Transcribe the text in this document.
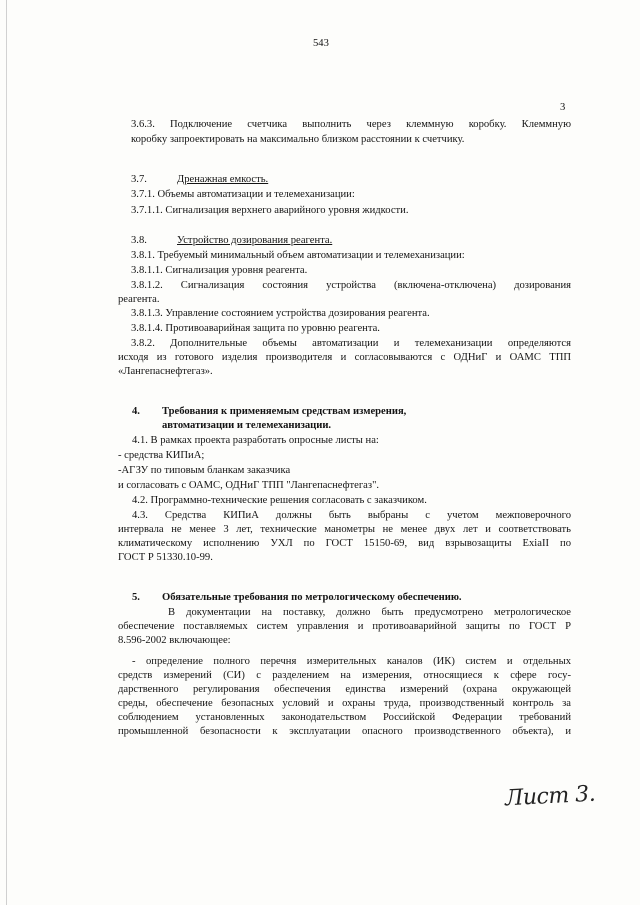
543
3
3.6.3. Подключение счетчика выполнить через клеммную коробку. Клеммную
коробку запроектировать на максимально близком расстоянии к счетчику.
3.7.	Дренажная емкость.
3.7.1. Объемы автоматизации и телемеханизации:
3.7.1.1. Сигнализация верхнего аварийного уровня жидкости.
3.8.	Устройство дозирования реагента.
3.8.1. Требуемый минимальный объем автоматизации и телемеханизации:
3.8.1.1. Сигнализация уровня реагента.
3.8.1.2. Сигнализация состояния устройства (включена-отключена) дозирования
реагента.
3.8.1.3. Управление состоянием устройства дозирования реагента.
3.8.1.4. Противоаварийная защита по уровню реагента.
3.8.2. Дополнительные объемы автоматизации и телемеханизации определяются
исходя из готового изделия производителя и согласовываются с ОДНиГ и ОАМС ТПП
«Лангепаснефтегаз».
4. Требования к применяемым средствам измерения,
автоматизации и телемеханизации.
4.1. В рамках проекта разработать опросные листы на:
- средства КИПиА;
-АГЗУ по типовым бланкам заказчика
и согласовать с ОАМС, ОДНиГ ТПП "Лангепаснефтегаз".
4.2. Программно-технические решения согласовать с заказчиком.
4.3. Средства КИПиА должны быть выбраны с учетом межповерочного
интервала не менее 3 лет, технические манометры не менее двух лет и соответствовать
климатическому исполнению УХЛ по ГОСТ 15150-69, вид взрывозащиты ExiaII по
ГОСТ Р 51330.10-99.
5. Обязательные требования по метрологическому обеспечению.
В документации на поставку, должно быть предусмотрено метрологическое
обеспечение поставляемых систем управления и противоаварийной защиты по ГОСТ Р
8.596-2002 включающее:
- определение полного перечня измерительных каналов (ИК) систем и отдельных
средств измерений (СИ) с разделением на измерения, относящиеся к сфере госу-
дарственного регулирования обеспечения единства измерений (охрана окружающей
среды, обеспечение безопасных условий и охраны труда, производственный контроль за
соблюдением установленных законодательством Российской Федерации требований
промышленной безопасности к эксплуатации опасного производственного объекта), и
Лист 3.
